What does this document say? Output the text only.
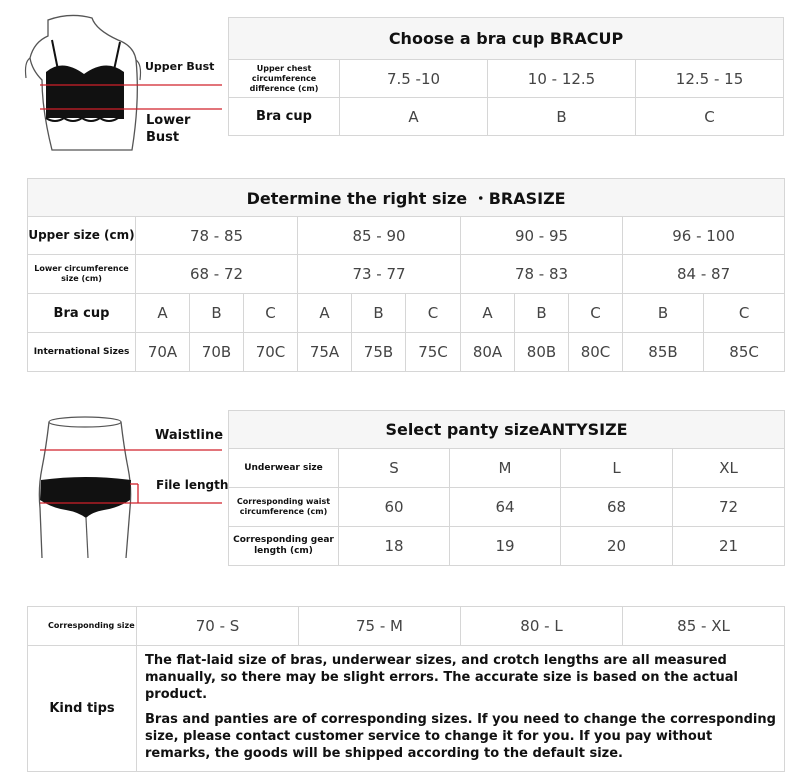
Upper Bust
Lower Bust
Choose a bra cup BRACUP			
Upper chest circumference difference (cm)	7.5 -10	10 - 12.5	12.5 - 15
Bra cup	A	B	C
Determine the right size ・BRASIZE											
Upper size (cm)	78 - 85			85 - 90			90 - 95			96 - 100	
Lower circumference size (cm)	68 - 72			73 - 77			78 - 83			84 - 87	
Bra cup	A	B	C	A	B	C	A	B	C	B	C
International Sizes	70A	70B	70C	75A	75B	75C	80A	80B	80C	85B	85C
Waistline
File length
Select panty sizeANTYSIZE				
Underwear size	S	M	L	XL
Corresponding waist circumference (cm)	60	64	68	72
Corresponding gear length (cm)	18	19	20	21
Corresponding size	70 - S	75 - M	80 - L	85 - XL
Kind tips	The flat-laid size of bras, underwear sizes, and crotch lengths are all measured manually, so there may be slight errors. The accurate size is based on the actual product.

Bras and panties are of corresponding sizes. If you need to change the corresponding size, please contact customer service to change it for you. If you pay without remarks, the goods will be shipped according to the default size.			
